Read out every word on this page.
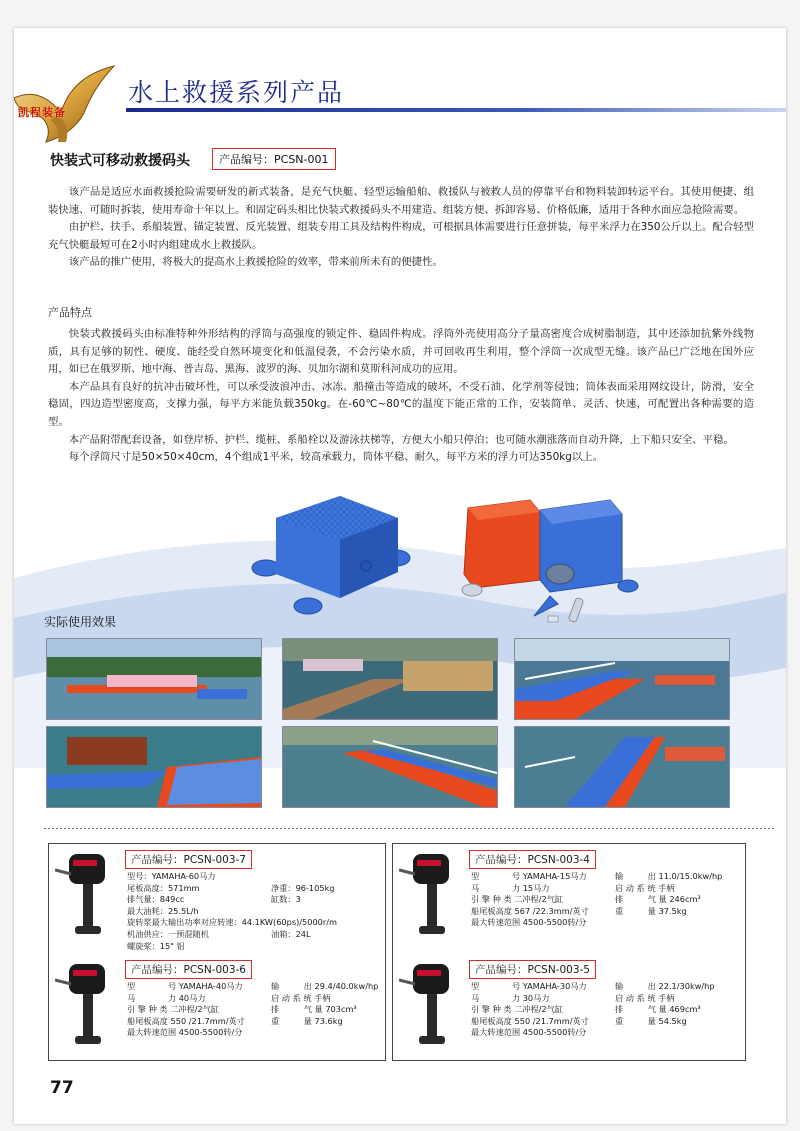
凯程装备
水上救援系列产品
快装式可移动救援码头	产品编号：PCSN-001

该产品是适应水面救援抢险需要研发的新式装备，是充气快艇、轻型运输船舶、救援队与被救人员的停靠平台和物料装卸转运平台。其使用便捷、组装快速、可随时拆装，使用寿命十年以上。和固定码头相比快装式救援码头不用建造、组装方便、拆卸容易、价格低廉，适用于各种水面应急抢险需要。

由护栏、扶手、系船装置、锚定装置、反光装置、组装专用工具及结构件构成，可根据具体需要进行任意拼装，每平米浮力在350公斤以上。配合轻型充气快艇最短可在2小时内组建成水上救援队。

该产品的推广使用，将极大的提高水上救援抢险的效率，带来前所未有的便捷性。

产品特点

快装式救援码头由标准特种外形结构的浮筒与高强度的锁定件、稳固件构成。浮筒外壳使用高分子量高密度合成树脂制造，其中还添加抗紫外线物质，具有足够的韧性、硬度、能经受自然环境变化和低温侵袭，不会污染水质，并可回收再生利用，整个浮筒一次成型无缝。该产品已广泛地在国外应用，如已在俄罗斯、地中海、普吉岛、黑海、波罗的海、贝加尔湖和莫斯科河成功的应用。

本产品具有良好的抗冲击破坏性，可以承受波浪冲击、冰冻、船撞击等造成的破坏，不受石油、化学剂等侵蚀；筒体表面采用网纹设计，防滑，安全稳固，四边造型密度高，支撑力强，每平方米能负载350kg。在-60℃~80℃的温度下能正常的工作，安装简单、灵活、快速，可配置出各种需要的造型。

本产品附带配套设备，如登岸桥、护栏、缆桩、系船栓以及游泳扶梯等，方便大小船只停泊；也可随水潮涨落而自动升降，上下船只安全、平稳。

每个浮筒尺寸是50×50×40cm，4个组成1平米，较高承载力，筒体平稳、耐久，每平方米的浮力可达350kg以上。

实际使用效果
产品编号：PCSN-003-7
型号：YAMAHA-60马力
尾板高度：571mm	净重：96-105kg
排气量：849cc	缸数：3
最大油耗：25.5L/h
旋转浆最大输出功率对应转速：44.1KW(60ps)/5000r/m
机油供应：一预混随机	油箱：24L
螺旋桨：15" 铝
产品编号：PCSN-003-6
型　　　　号 YAMAHA-40马力	输　　　出 29.4/40.0kw/hp
马　　　　力 40马力	启 动 系 统 手柄
引 擎 种 类 二冲程/2气缸	排　　　气 量 703cm³
船尾板高度 550 /21.7mm/英寸	重　　　量 73.6kg
最大转速范围 4500-5500转/分
产品编号：PCSN-003-4
型　　　　号 YAMAHA-15马力	输　　　出 11.0/15.0kw/hp
马　　　　力 15马力	启 动 系 统 手柄
引 擎 种 类 二冲程/2气缸	排　　　气 量 246cm³
船尾板高度 567 /22.3mm/英寸	重　　　量 37.5kg
最大转速范围 4500-5500转/分
产品编号：PCSN-003-5
型　　　　号 YAMAHA-30马力	输　　　出 22.1/30kw/hp
马　　　　力 30马力	启 动 系 统 手柄
引 擎 种 类 二冲程/2气缸	排　　　气 量 469cm³
船尾板高度 550 /21.7mm/英寸	重　　　量 54.5kg
最大转速范围 4500-5500转/分
77
